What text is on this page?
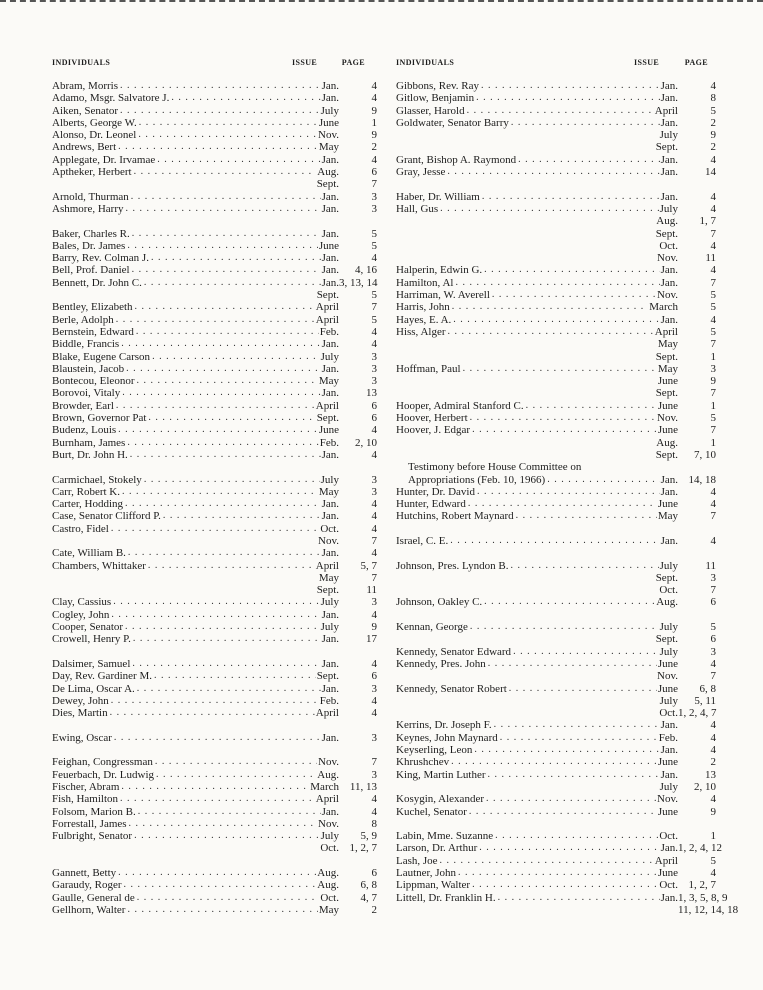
INDIVIDUALS	ISSUE	PAGE
Abram, Morris . . .	Jan.	4
Adamo, Msgr. Salvatore J. . . .	Jan.	4
Aiken, Senator . . .	July	9
Alberts, George W. . . .	June	1
Alonso, Dr. Leonel . . .	Nov.	9
Andrews, Bert . . .	May	2
Applegate, Dr. Irvamae . . .	Jan.	4
Aptheker, Herbert . . .	Aug.	6
Sept.	7
Arnold, Thurman . . .	Jan.	3
Ashmore, Harry . . .	Jan.	3
Baker, Charles R. . . .	Jan.	5
Bales, Dr. James . . .	June	5
Barry, Rev. Colman J. . . .	Jan.	4
Bell, Prof. Daniel . . .	Jan.	4, 16
Bennett, Dr. John C. . . .	Jan. 3, 13, 14
Sept.	5
Bentley, Elizabeth . . .	April	7
Berle, Adolph . . .	April	5
Bernstein, Edward . . .	Feb.	4
Biddle, Francis . . .	Jan.	4
Blake, Eugene Carson . . .	July	3
Blaustein, Jacob . . .	Jan.	3
Bontecou, Eleonor . . .	May	3
Borovoi, Vitaly . . .	Jan.	13
Browder, Earl . . .	April	6
Brown, Governor Pat . . .	Sept.	6
Budenz, Louis . . .	June	4
Burnham, James . . .	Feb.	2, 10
Burt, Dr. John H. . . .	Jan.	4
Carmichael, Stokely . . .	July	3
Carr, Robert K. . . .	May	3
Carter, Hodding . . .	Jan.	4
Case, Senator Clifford P. . . .	Jan.	4
Castro, Fidel . . .	Oct.	4
Nov.	7
Cate, William B. . . .	Jan.	4
Chambers, Whittaker . . .	April	5, 7
May	7
Sept.	11
Clay, Cassius . . .	July	3
Cogley, John . . .	Jan.	4
Cooper, Senator . . .	July	9
Crowell, Henry P. . . .	Jan.	17
Dalsimer, Samuel . . .	Jan.	4
Day, Rev. Gardiner M. . . .	Sept.	6
De Lima, Oscar A. . . .	Jan.	3
Dewey, John . . .	Feb.	4
Dies, Martin . . .	April	4
Ewing, Oscar . . .	Jan.	3
Feighan, Congressman . . .	Nov.	7
Feuerbach, Dr. Ludwig . . .	Aug.	3
Fischer, Abram . . .	March 11, 13
Fish, Hamilton . . .	April	4
Folsom, Marion B. . . .	Jan.	4
Forrestall, James . . .	Nov.	8
Fulbright, Senator . . .	July	5, 9
Oct. 1, 2, 7
Gannett, Betty . . .	Aug.	6
Garaudy, Roger . . .	Aug.	6, 8
Gaulle, General de . . .	Oct.	4, 7
Gellhorn, Walter . . .	May	2
INDIVIDUALS	ISSUE	PAGE
Gibbons, Rev. Ray . . .	Jan.	4
Gitlow, Benjamin . . .	Jan.	8
Glasser, Harold . . .	April	5
Goldwater, Senator Barry . . .	Jan.	2
July	9
Sept.	2
Grant, Bishop A. Raymond . . .	Jan.	4
Gray, Jesse . . .	Jan.	14
Haber, Dr. William . . .	Jan.	4
Hall, Gus . . .	July	4
Aug.	1, 7
Sept.	7
Oct.	4
Nov.	11
Halperin, Edwin G. . . .	Jan.	4
Hamilton, Al . . .	Jan.	7
Harriman, W. Averell . . .	Nov.	5
Harris, John . . .	March	5
Hayes, E. A. . . .	Jan.	4
Hiss, Alger . . .	April	5
May	7
Sept.	1
Hoffman, Paul . . .	May	3
June	9
Sept.	7
Hooper, Admiral Stanford C. . . .	June	1
Hoover, Herbert . . .	Nov.	5
Hoover, J. Edgar . . .	June	7
Aug.	1
Sept.	7, 10
Testimony before House Committee on
Appropriations (Feb. 10, 1966) . . .	Jan. 14, 18
Hunter, Dr. David . . .	Jan.	4
Hunter, Edward . . .	June	4
Hutchins, Robert Maynard . . .	May	7
Israel, C. E. . . .	Jan.	4
Johnson, Pres. Lyndon B. . . .	July	11
Sept.	3
Oct.	7
Johnson, Oakley C. . . .	Aug.	6
Kennan, George . . .	July	5
Sept.	6
Kennedy, Senator Edward . . .	July	3
Kennedy, Pres. John . . .	June	4
Nov.	7
Kennedy, Senator Robert . . .	June	6, 8
July	5, 11
Oct. 1, 2, 4, 7
Kerrins, Dr. Joseph F. . . .	Jan.	4
Keynes, John Maynard . . .	Feb.	4
Keyserling, Leon . . .	Jan.	4
Khrushchev . . .	June	2
King, Martin Luther . . .	Jan.	13
July	2, 10
Kosygin, Alexander . . .	Nov.	4
Kuchel, Senator . . .	June	9
Labin, Mme. Suzanne . . .	Oct.	1
Larson, Dr. Arthur . . .	Jan. 1, 2, 4, 12
Lash, Joe . . .	April	5
Lautner, John . . .	June	4
Lippman, Walter . . .	Oct. 1, 2, 7
Littell, Dr. Franklin H. . . .	Jan. 1, 3, 5, 8, 9
11, 12, 14, 18
